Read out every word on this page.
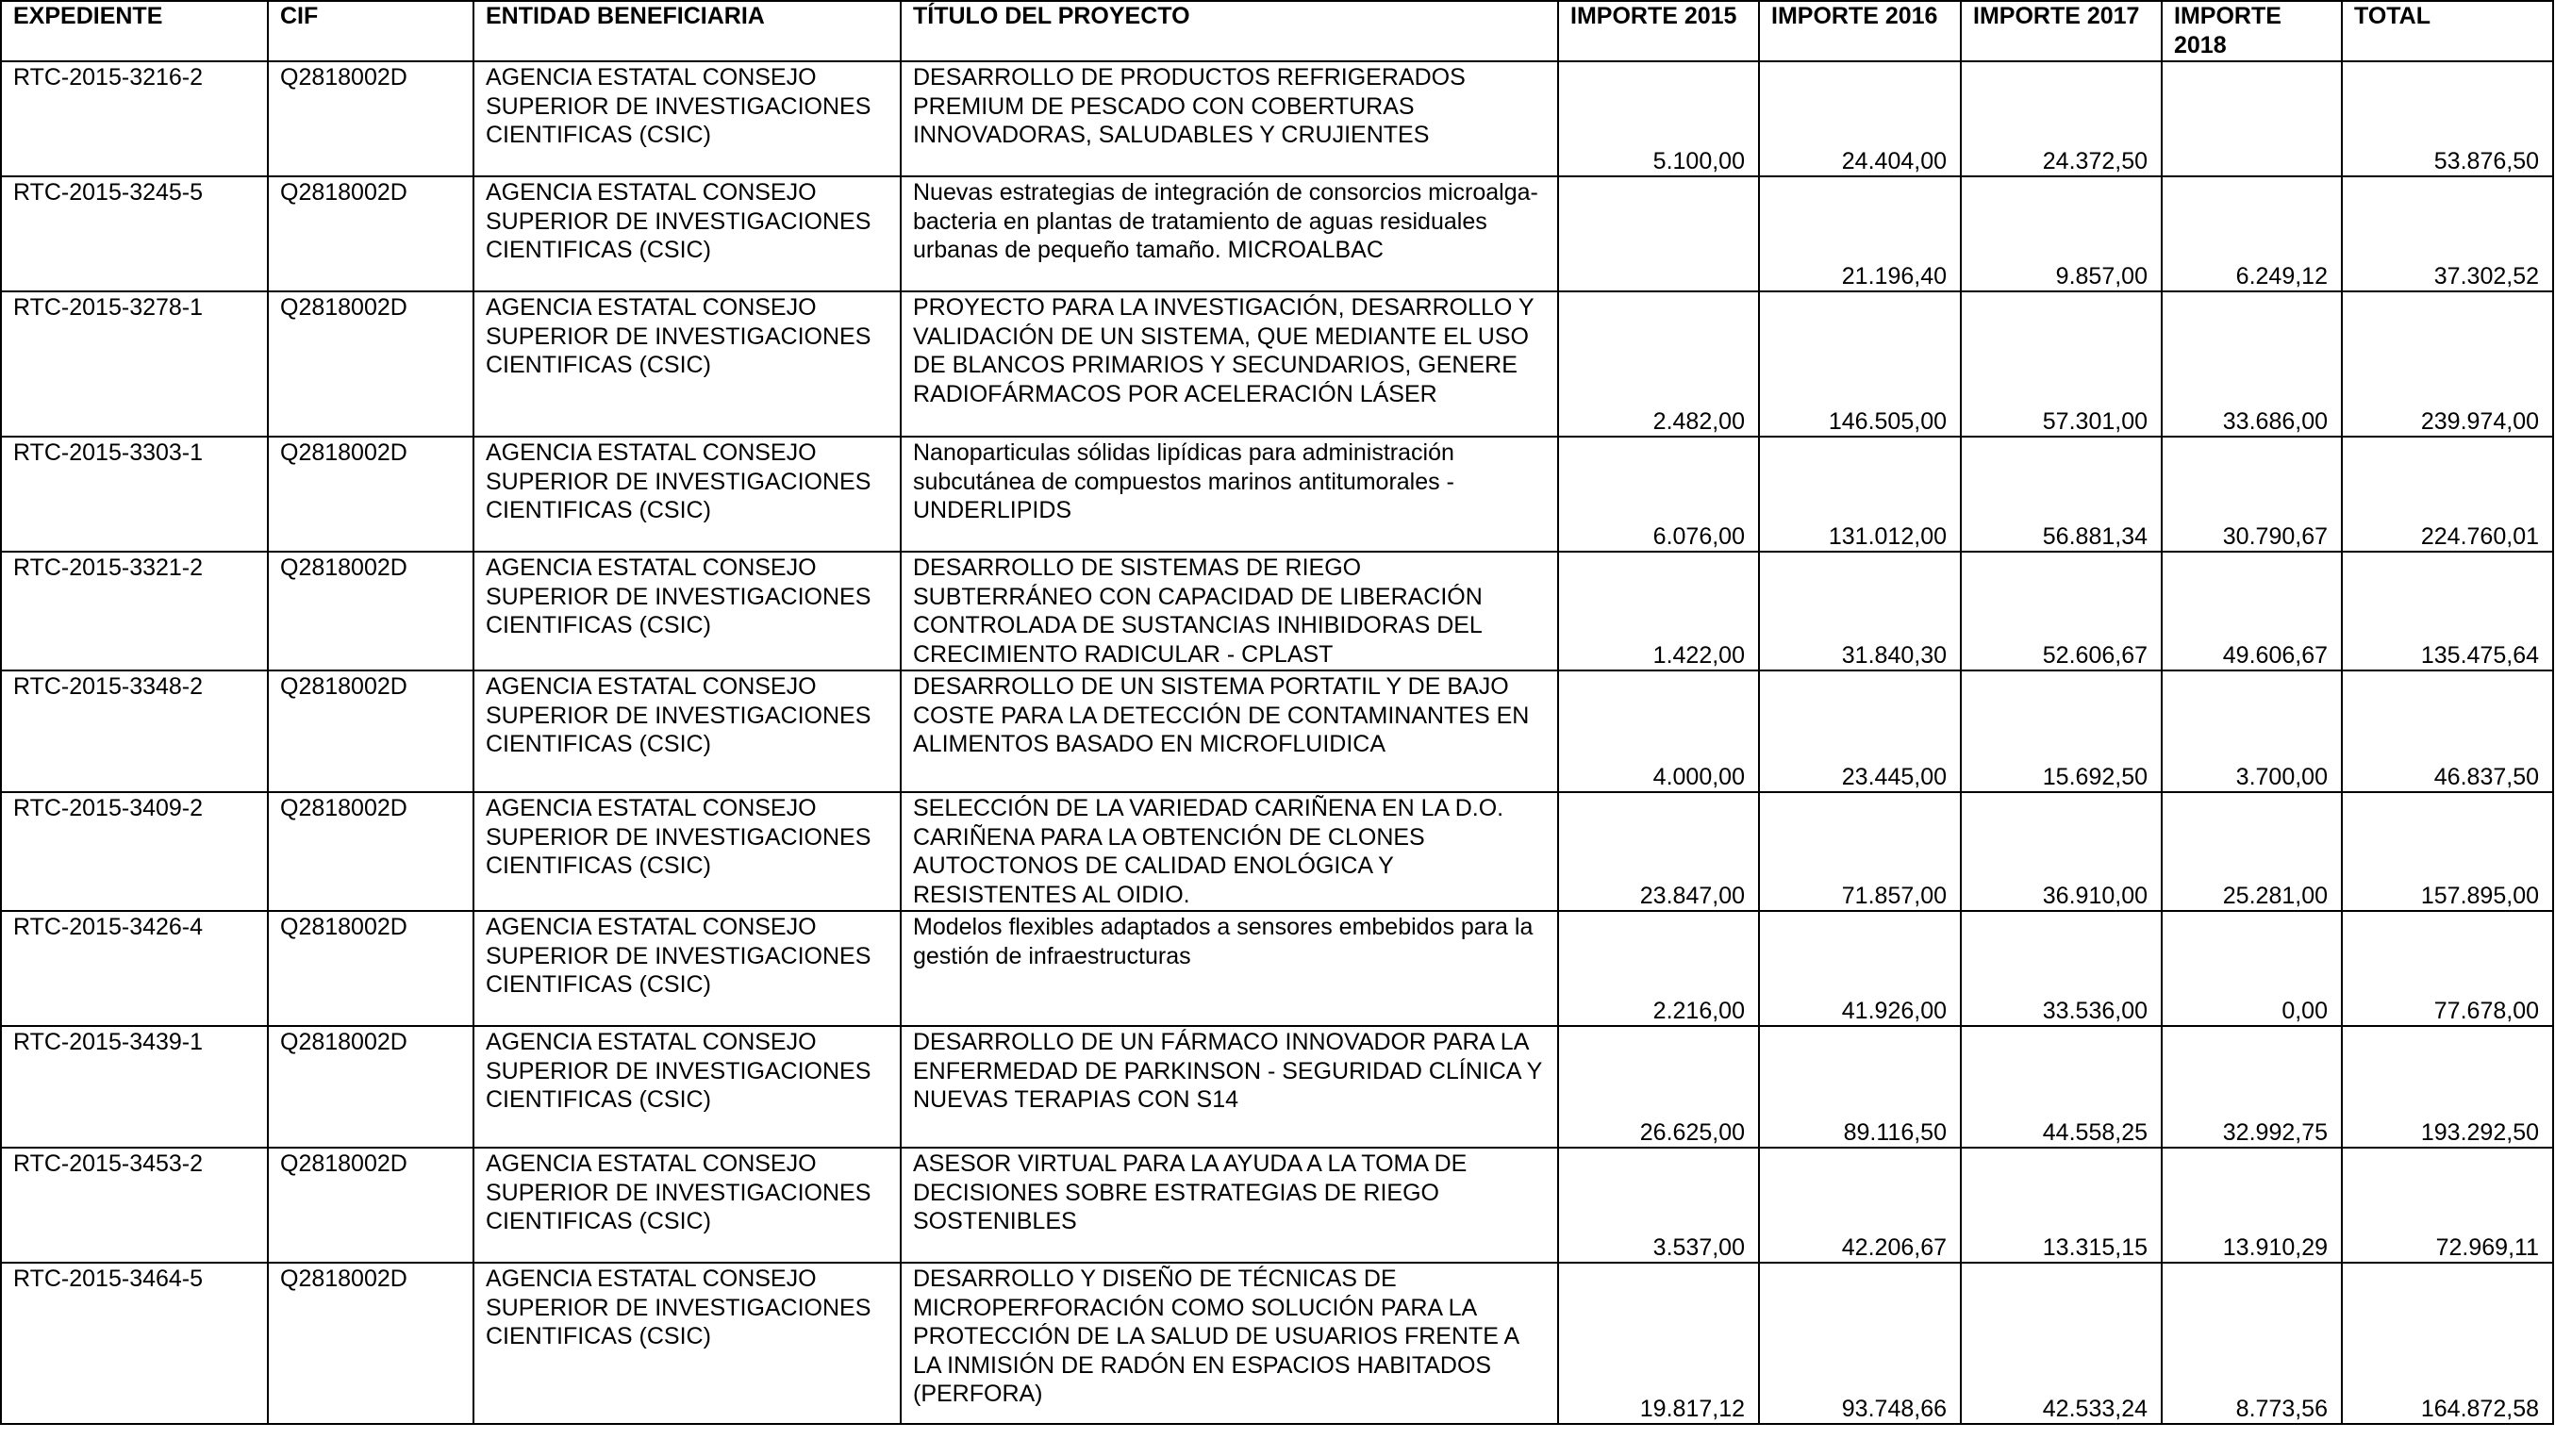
EXPEDIENTE	CIF	ENTIDAD BENEFICIARIA	TÍTULO DEL PROYECTO	IMPORTE 2015	IMPORTE 2016	IMPORTE 2017	IMPORTE 2018	TOTAL
RTC-2015-3216-2	Q2818002D	AGENCIA ESTATAL CONSEJO SUPERIOR DE INVESTIGACIONES CIENTIFICAS (CSIC)	DESARROLLO DE PRODUCTOS REFRIGERADOS PREMIUM DE PESCADO CON COBERTURAS INNOVADORAS, SALUDABLES Y CRUJIENTES	5.100,00	24.404,00	24.372,50		53.876,50
RTC-2015-3245-5	Q2818002D	AGENCIA ESTATAL CONSEJO SUPERIOR DE INVESTIGACIONES CIENTIFICAS (CSIC)	Nuevas estrategias de integración de consorcios microalga-bacteria en plantas de tratamiento de aguas residuales urbanas de pequeño tamaño. MICROALBAC		21.196,40	9.857,00	6.249,12	37.302,52
RTC-2015-3278-1	Q2818002D	AGENCIA ESTATAL CONSEJO SUPERIOR DE INVESTIGACIONES CIENTIFICAS (CSIC)	PROYECTO PARA LA INVESTIGACIÓN, DESARROLLO Y VALIDACIÓN DE UN SISTEMA, QUE MEDIANTE EL USO DE BLANCOS PRIMARIOS Y SECUNDARIOS, GENERE RADIOFÁRMACOS POR ACELERACIÓN LÁSER	2.482,00	146.505,00	57.301,00	33.686,00	239.974,00
RTC-2015-3303-1	Q2818002D	AGENCIA ESTATAL CONSEJO SUPERIOR DE INVESTIGACIONES CIENTIFICAS (CSIC)	Nanoparticulas sólidas lipídicas para administración subcutánea de compuestos marinos antitumorales - UNDERLIPIDS	6.076,00	131.012,00	56.881,34	30.790,67	224.760,01
RTC-2015-3321-2	Q2818002D	AGENCIA ESTATAL CONSEJO SUPERIOR DE INVESTIGACIONES CIENTIFICAS (CSIC)	DESARROLLO DE SISTEMAS DE RIEGO SUBTERRÁNEO CON CAPACIDAD DE LIBERACIÓN CONTROLADA DE SUSTANCIAS INHIBIDORAS DEL CRECIMIENTO RADICULAR - CPLAST	1.422,00	31.840,30	52.606,67	49.606,67	135.475,64
RTC-2015-3348-2	Q2818002D	AGENCIA ESTATAL CONSEJO SUPERIOR DE INVESTIGACIONES CIENTIFICAS (CSIC)	DESARROLLO DE UN SISTEMA PORTATIL Y DE BAJO COSTE PARA LA DETECCIÓN DE CONTAMINANTES EN ALIMENTOS BASADO EN MICROFLUIDICA	4.000,00	23.445,00	15.692,50	3.700,00	46.837,50
RTC-2015-3409-2	Q2818002D	AGENCIA ESTATAL CONSEJO SUPERIOR DE INVESTIGACIONES CIENTIFICAS (CSIC)	SELECCIÓN DE LA VARIEDAD CARIÑENA EN LA D.O. CARIÑENA PARA LA OBTENCIÓN DE CLONES AUTOCTONOS DE CALIDAD ENOLÓGICA Y RESISTENTES AL OIDIO.	23.847,00	71.857,00	36.910,00	25.281,00	157.895,00
RTC-2015-3426-4	Q2818002D	AGENCIA ESTATAL CONSEJO SUPERIOR DE INVESTIGACIONES CIENTIFICAS (CSIC)	Modelos flexibles adaptados a sensores embebidos para la gestión de infraestructuras	2.216,00	41.926,00	33.536,00	0,00	77.678,00
RTC-2015-3439-1	Q2818002D	AGENCIA ESTATAL CONSEJO SUPERIOR DE INVESTIGACIONES CIENTIFICAS (CSIC)	DESARROLLO DE UN FÁRMACO INNOVADOR PARA LA ENFERMEDAD DE PARKINSON - SEGURIDAD CLÍNICA Y NUEVAS TERAPIAS CON S14	26.625,00	89.116,50	44.558,25	32.992,75	193.292,50
RTC-2015-3453-2	Q2818002D	AGENCIA ESTATAL CONSEJO SUPERIOR DE INVESTIGACIONES CIENTIFICAS (CSIC)	ASESOR VIRTUAL PARA LA AYUDA A LA TOMA DE DECISIONES SOBRE ESTRATEGIAS DE RIEGO SOSTENIBLES	3.537,00	42.206,67	13.315,15	13.910,29	72.969,11
RTC-2015-3464-5	Q2818002D	AGENCIA ESTATAL CONSEJO SUPERIOR DE INVESTIGACIONES CIENTIFICAS (CSIC)	DESARROLLO Y DISEÑO DE TÉCNICAS DE MICROPERFORACIÓN COMO SOLUCIÓN PARA LA PROTECCIÓN DE LA SALUD DE USUARIOS FRENTE A LA INMISIÓN DE RADÓN EN ESPACIOS HABITADOS (PERFORA)	19.817,12	93.748,66	42.533,24	8.773,56	164.872,58
